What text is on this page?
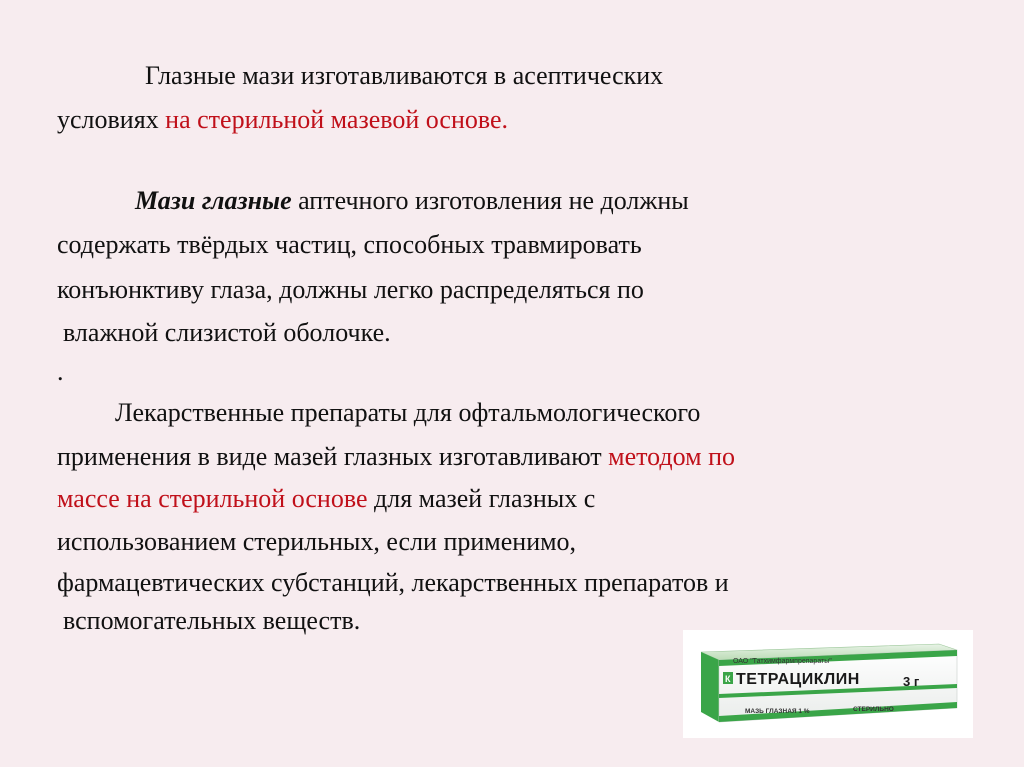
Глазные мази изготавливаются в асептических
условиях на стерильной мазевой основе.
Мази глазные аптечного изготовления не должны
содержать твёрдых частиц, способных травмировать
конъюнктиву глаза, должны легко распределяться по
влажной слизистой оболочке.
.
Лекарственные препараты для офтальмологического
применения в виде мазей глазных изготавливают методом по
массе на стерильной основе для мазей глазных с
использованием стерильных, если применимо,
фармацевтических субстанций, лекарственных препаратов и
вспомогательных веществ.
К
ОАО "Татхимфармпрепараты"
ТЕТРАЦИКЛИН	3 г
МАЗЬ ГЛАЗНАЯ 1 %	СТЕРИЛЬНО
